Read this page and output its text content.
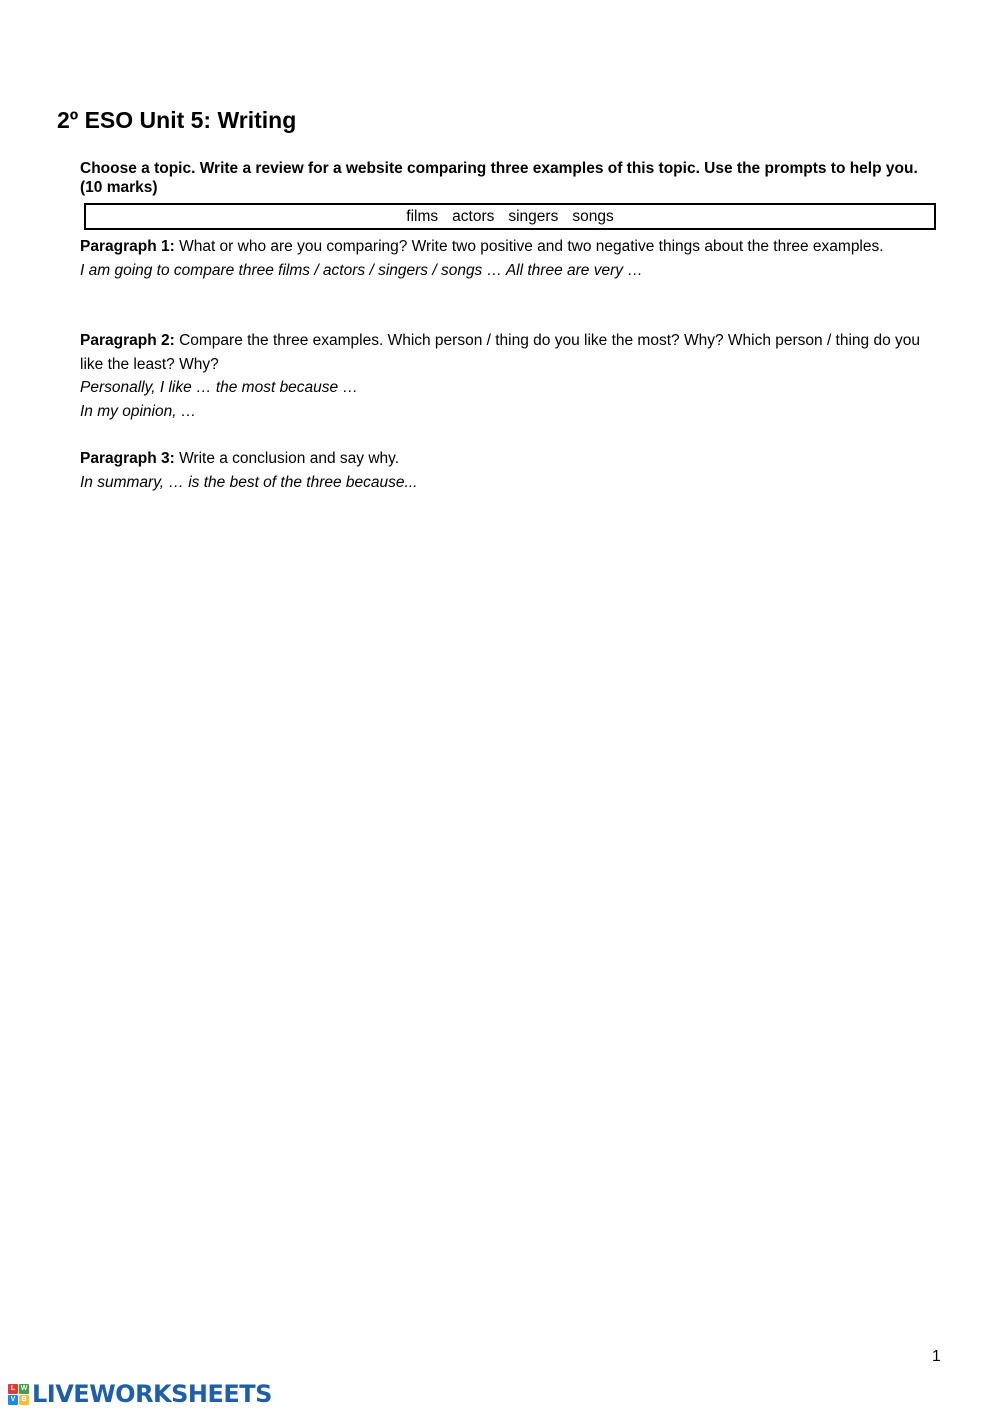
2º ESO Unit 5: Writing

Choose a topic. Write a review for a website comparing three examples of this topic. Use the prompts to help you. (10 marks)

films actors singers songs
Paragraph 1: What or who are you comparing? Write two positive and two negative things about the three examples.
I am going to compare three films / actors / singers / songs … All three are very …
Paragraph 2: Compare the three examples. Which person / thing do you like the most? Why? Which person / thing do you like the least? Why?
Personally, I like … the most because …
In my opinion, …
Paragraph 3: Write a conclusion and say why.
In summary, … is the best of the three because...
1
L W
V B LIVEWORKSHEETS
